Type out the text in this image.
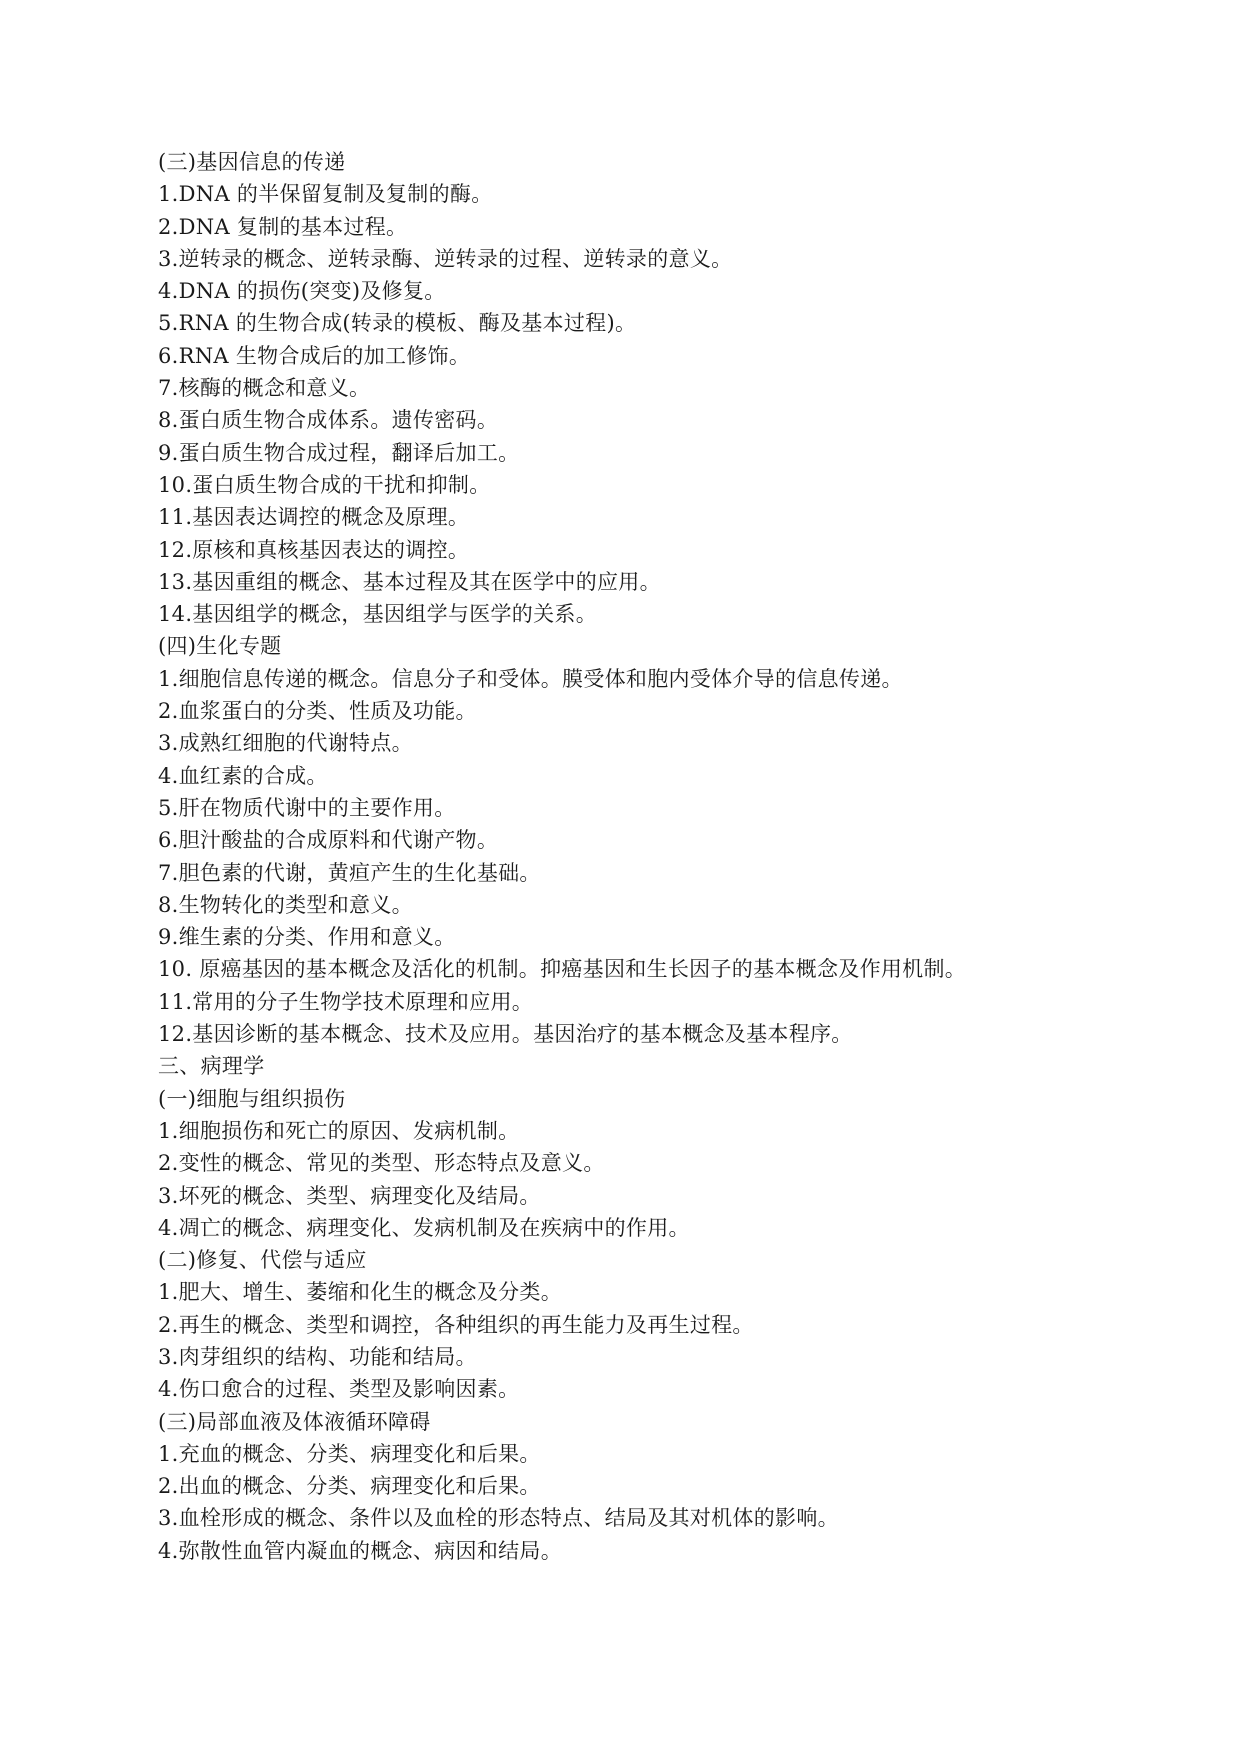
(三)基因信息的传递
1.DNA 的半保留复制及复制的酶。
2.DNA 复制的基本过程。
3.逆转录的概念、逆转录酶、逆转录的过程、逆转录的意义。
4.DNA 的损伤(突变)及修复。
5.RNA 的生物合成(转录的模板、酶及基本过程)。
6.RNA 生物合成后的加工修饰。
7.核酶的概念和意义。
8.蛋白质生物合成体系。遗传密码。
9.蛋白质生物合成过程，翻译后加工。
10.蛋白质生物合成的干扰和抑制。
11.基因表达调控的概念及原理。
12.原核和真核基因表达的调控。
13.基因重组的概念、基本过程及其在医学中的应用。
14.基因组学的概念，基因组学与医学的关系。
(四)生化专题
1.细胞信息传递的概念。信息分子和受体。膜受体和胞内受体介导的信息传递。
2.血浆蛋白的分类、性质及功能。
3.成熟红细胞的代谢特点。
4.血红素的合成。
5.肝在物质代谢中的主要作用。
6.胆汁酸盐的合成原料和代谢产物。
7.胆色素的代谢，黄疸产生的生化基础。
8.生物转化的类型和意义。
9.维生素的分类、作用和意义。
10. 原癌基因的基本概念及活化的机制。抑癌基因和生长因子的基本概念及作用机制。
11.常用的分子生物学技术原理和应用。
12.基因诊断的基本概念、技术及应用。基因治疗的基本概念及基本程序。
三、病理学
(一)细胞与组织损伤
1.细胞损伤和死亡的原因、发病机制。
2.变性的概念、常见的类型、形态特点及意义。
3.坏死的概念、类型、病理变化及结局。
4.凋亡的概念、病理变化、发病机制及在疾病中的作用。
(二)修复、代偿与适应
1.肥大、增生、萎缩和化生的概念及分类。
2.再生的概念、类型和调控，各种组织的再生能力及再生过程。
3.肉芽组织的结构、功能和结局。
4.伤口愈合的过程、类型及影响因素。
(三)局部血液及体液循环障碍
1.充血的概念、分类、病理变化和后果。
2.出血的概念、分类、病理变化和后果。
3.血栓形成的概念、条件以及血栓的形态特点、结局及其对机体的影响。
4.弥散性血管内凝血的概念、病因和结局。
